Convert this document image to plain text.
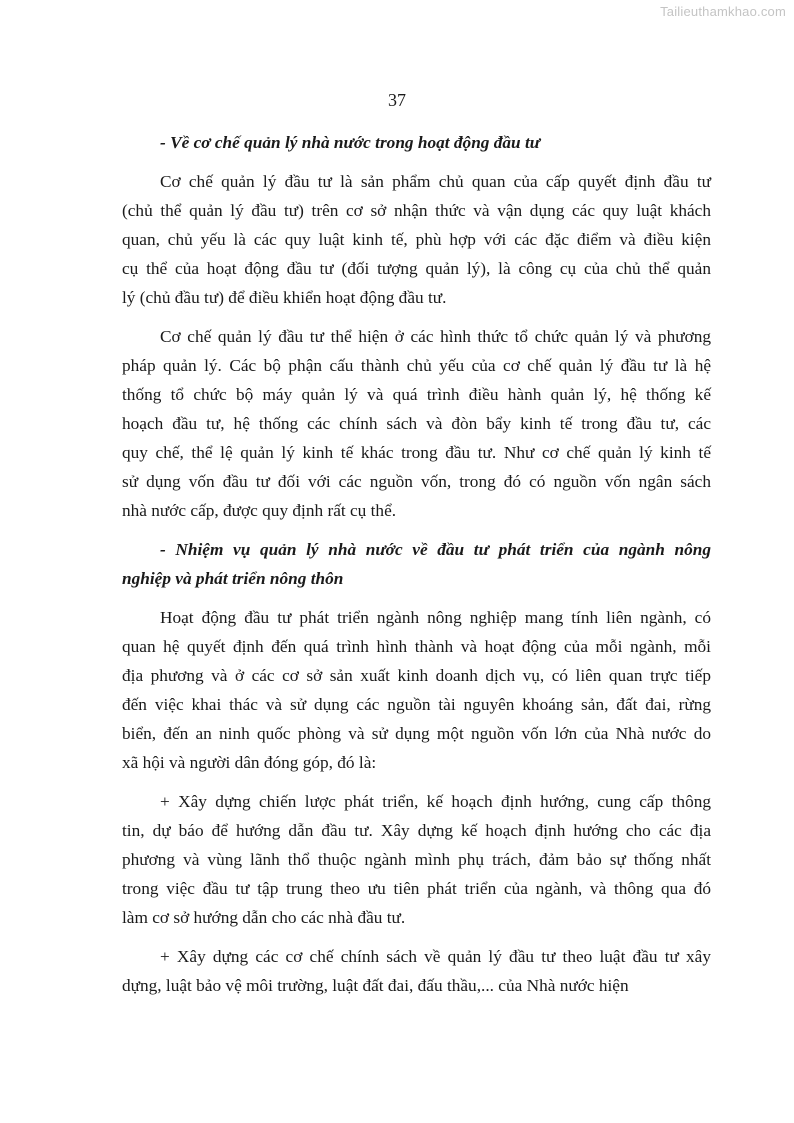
Tailieuthamkhao.com
37
- Về cơ chế quản lý nhà nước trong hoạt động đầu tư
Cơ chế quản lý đầu tư là sản phẩm chủ quan của cấp quyết định đầu tư
(chủ thể quản lý đầu tư) trên cơ sở nhận thức và vận dụng các quy luật khách
quan, chủ yếu là các quy luật kinh tế, phù hợp với các đặc điểm và điều kiện
cụ thể của hoạt động đầu tư (đối tượng quản lý), là công cụ của chủ thể quản
lý (chủ đầu tư) để điều khiển hoạt động đầu tư.
Cơ chế quản lý đầu tư thể hiện ở các hình thức tổ chức quản lý và phương
pháp quản lý. Các bộ phận cấu thành chủ yếu của cơ chế quản lý đầu tư là hệ
thống tổ chức bộ máy quản lý và quá trình điều hành quản lý, hệ thống kế
hoạch đầu tư, hệ thống các chính sách và đòn bẩy kinh tế trong đầu tư, các
quy chế, thể lệ quản lý kinh tế khác trong đầu tư. Như cơ chế quản lý kinh tế
sử dụng vốn đầu tư đối với các nguồn vốn, trong đó có nguồn vốn ngân sách
nhà nước cấp, được quy định rất cụ thể.
- Nhiệm vụ quản lý nhà nước về đầu tư phát triển của ngành nông
nghiệp và phát triển nông thôn
Hoạt động đầu tư phát triển ngành nông nghiệp mang tính liên ngành, có
quan hệ quyết định đến quá trình hình thành và hoạt động của mỗi ngành, mỗi
địa phương và ở các cơ sở sản xuất kinh doanh dịch vụ, có liên quan trực tiếp
đến việc khai thác và sử dụng các nguồn tài nguyên khoáng sản, đất đai, rừng
biển, đến an ninh quốc phòng và sử dụng một nguồn vốn lớn của Nhà nước do
xã hội và người dân đóng góp, đó là:
+ Xây dựng chiến lược phát triển, kế hoạch định hướng, cung cấp thông
tin, dự báo để hướng dẫn đầu tư. Xây dựng kế hoạch định hướng cho các địa
phương và vùng lãnh thổ thuộc ngành mình phụ trách, đảm bảo sự thống nhất
trong việc đầu tư tập trung theo ưu tiên phát triển của ngành, và thông qua đó
làm cơ sở hướng dẫn cho các nhà đầu tư.
+ Xây dựng các cơ chế chính sách về quản lý đầu tư theo luật đầu tư xây
dựng, luật bảo vệ môi trường, luật đất đai, đấu thầu,... của Nhà nước hiện
